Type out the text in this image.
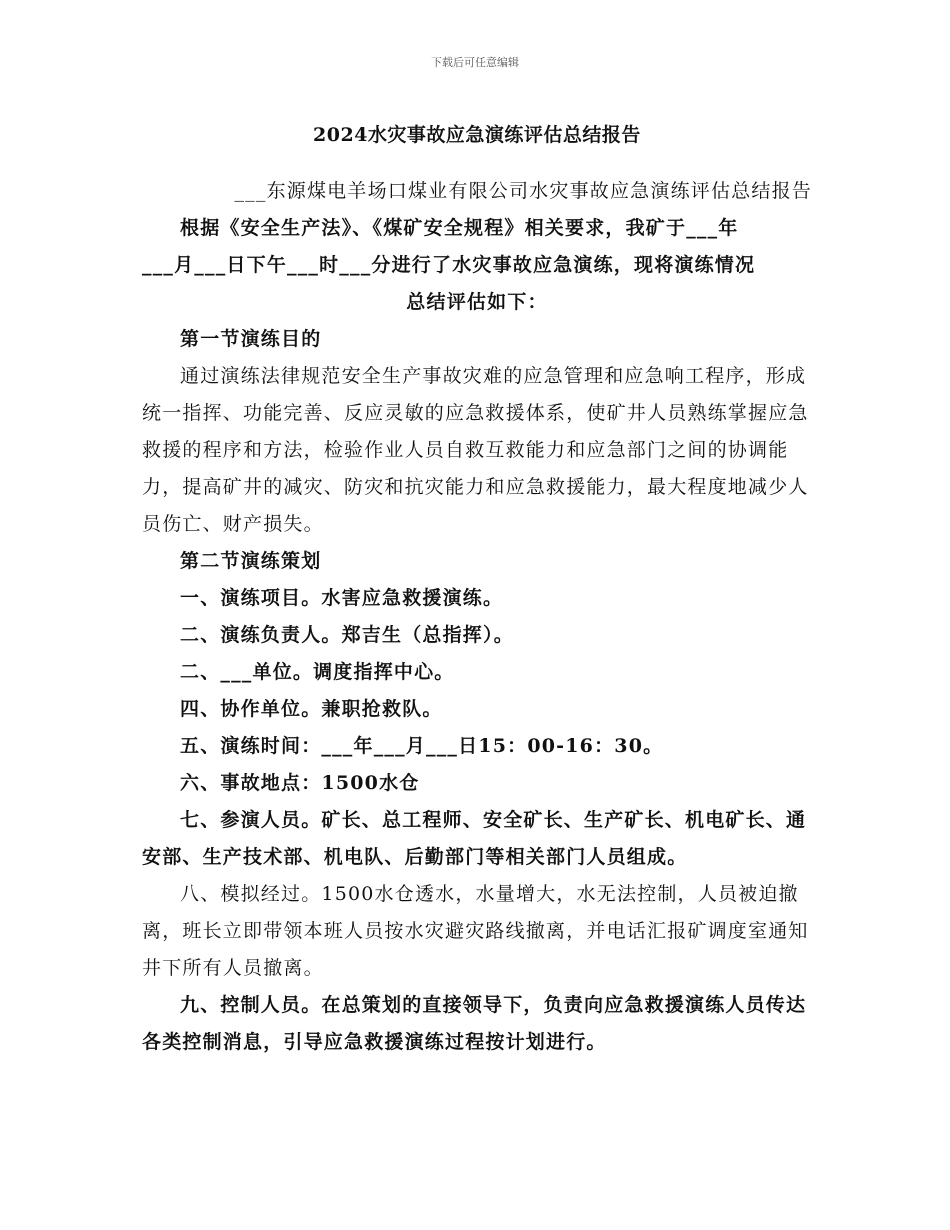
下载后可任意编辑
2024水灾事故应急演练评估总结报告

___东源煤电羊场口煤业有限公司水灾事故应急演练评估总结报告

根据《安全生产法》、《煤矿安全规程》相关要求，我矿于___年

___月___日下午___时___分进行了水灾事故应急演练，现将演练情况

总结评估如下：

第一节演练目的

通过演练法律规范安全生产事故灾难的应急管理和应急响工程序，形成统一指挥、功能完善、反应灵敏的应急救援体系，使矿井人员熟练掌握应急救援的程序和方法，检验作业人员自救互救能力和应急部门之间的协调能力，提高矿井的减灾、防灾和抗灾能力和应急救援能力，最大程度地减少人员伤亡、财产损失。

第二节演练策划

一、演练项目。水害应急救援演练。

二、演练负责人。郑吉生（总指挥）。

二、___单位。调度指挥中心。

四、协作单位。兼职抢救队。

五、演练时间：___年___月___日15：00-16：30。

六、事故地点：1500水仓

七、参演人员。矿长、总工程师、安全矿长、生产矿长、机电矿长、通安部、生产技术部、机电队、后勤部门等相关部门人员组成。

八、模拟经过。1500水仓透水，水量增大，水无法控制，人员被迫撤离，班长立即带领本班人员按水灾避灾路线撤离，并电话汇报矿调度室通知井下所有人员撤离。

九、控制人员。在总策划的直接领导下，负责向应急救援演练人员传达各类控制消息，引导应急救援演练过程按计划进行。
